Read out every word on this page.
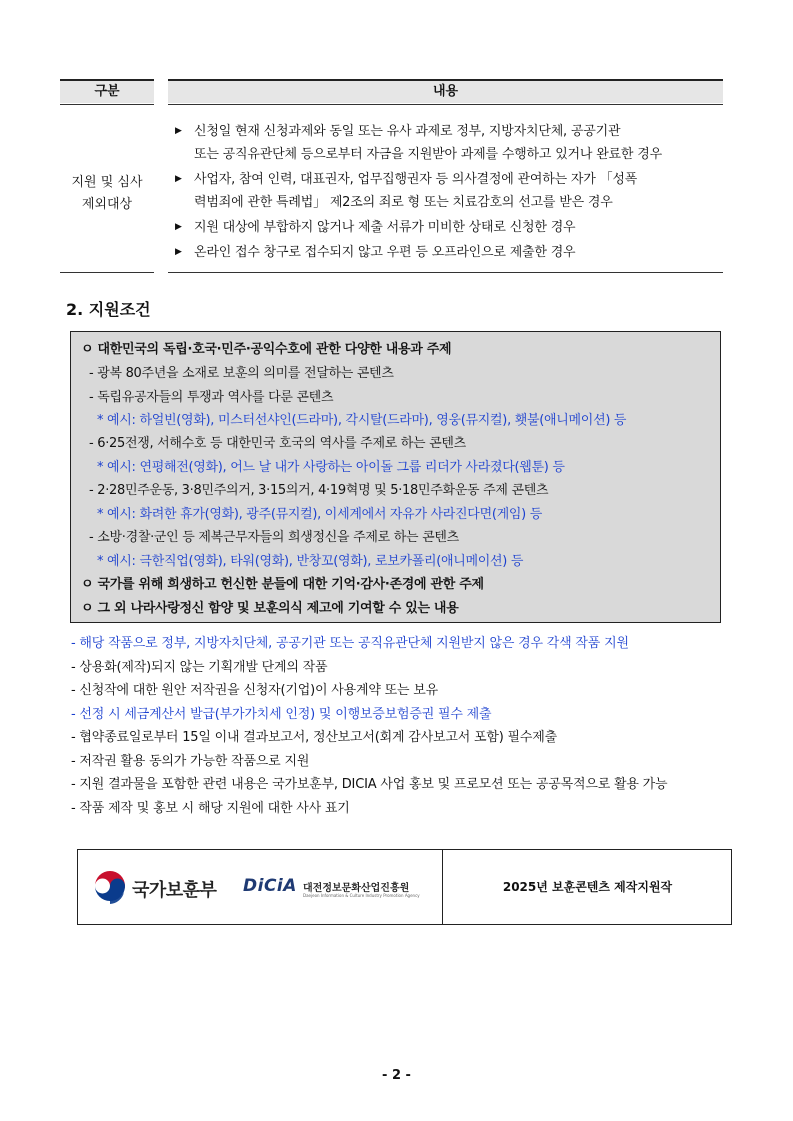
구분	내용
지원 및 심사
제외대상
▶ 신청일 현재 신청과제와 동일 또는 유사 과제로 정부, 지방자치단체, 공공기관
또는 공직유관단체 등으로부터 자금을 지원받아 과제를 수행하고 있거나 완료한 경우
▶ 사업자, 참여 인력, 대표권자, 업무집행권자 등 의사결정에 관여하는 자가 「성폭
력범죄에 관한 특례법」 제2조의 죄로 형 또는 치료감호의 선고를 받은 경우
▶ 지원 대상에 부합하지 않거나 제출 서류가 미비한 상태로 신청한 경우
▶ 온라인 접수 창구로 접수되지 않고 우편 등 오프라인으로 제출한 경우
2. 지원조건
ㅇ 대한민국의 독립·호국·민주·공익수호에 관한 다양한 내용과 주제
- 광복 80주년을 소재로 보훈의 의미를 전달하는 콘텐츠
- 독립유공자들의 투쟁과 역사를 다룬 콘텐츠
* 예시: 하얼빈(영화), 미스터선샤인(드라마), 각시탈(드라마), 영웅(뮤지컬), 횃불(애니메이션) 등
- 6·25전쟁, 서해수호 등 대한민국 호국의 역사를 주제로 하는 콘텐츠
* 예시: 연평해전(영화), 어느 날 내가 사랑하는 아이돌 그룹 리더가 사라졌다(웹툰) 등
- 2·28민주운동, 3·8민주의거, 3·15의거, 4·19혁명 및 5·18민주화운동 주제 콘텐츠
* 예시: 화려한 휴가(영화), 광주(뮤지컬), 이세계에서 자유가 사라진다면(게임) 등
- 소방·경찰·군인 등 제복근무자들의 희생정신을 주제로 하는 콘텐츠
* 예시: 극한직업(영화), 타워(영화), 반창꼬(영화), 로보카폴리(애니메이션) 등
ㅇ 국가를 위해 희생하고 헌신한 분들에 대한 기억·감사·존경에 관한 주제
ㅇ 그 외 나라사랑정신 함양 및 보훈의식 제고에 기여할 수 있는 내용
- 해당 작품으로 정부, 지방자치단체, 공공기관 또는 공직유관단체 지원받지 않은 경우 각색 작품 지원
- 상용화(제작)되지 않는 기획개발 단계의 작품
- 신청작에 대한 원안 저작권을 신청자(기업)이 사용계약 또는 보유
- 선정 시 세금계산서 발급(부가가치세 인정) 및 이행보증보험증권 필수 제출
- 협약종료일로부터 15일 이내 결과보고서, 정산보고서(회계 감사보고서 포함) 필수제출
- 저작권 활용 동의가 가능한 작품으로 지원
- 지원 결과물을 포함한 관련 내용은 국가보훈부, DICIA 사업 홍보 및 프로모션 또는 공공목적으로 활용 가능
- 작품 제작 및 홍보 시 해당 지원에 대한 사사 표기
국가보훈부 DiCiA 대전정보문화산업진흥원
Daejeon Information & Culture Industry Promotion Agency
2025년 보훈콘텐츠 제작지원작
- 2 -
